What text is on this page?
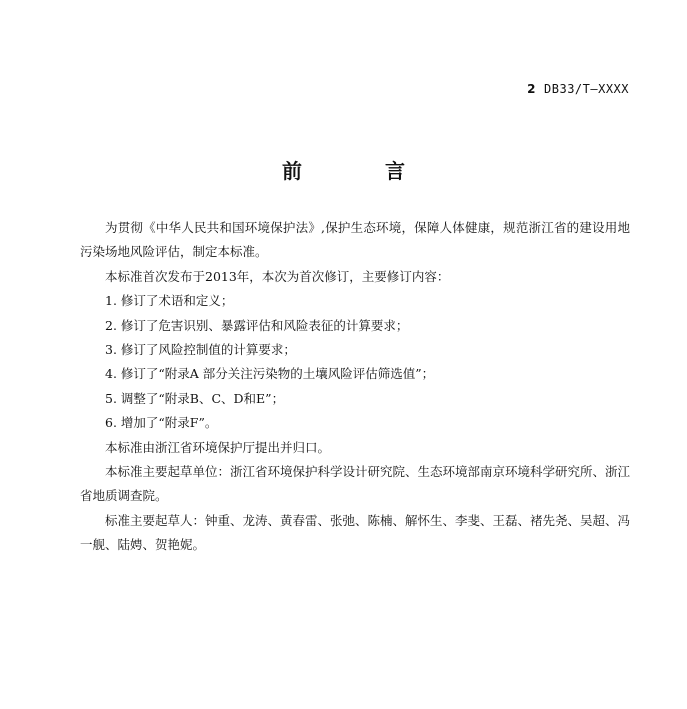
2 DB33/T—XXXX
前 言

为贯彻《中华人民共和国环境保护法》,保护生态环境，保障人体健康，规范浙江省的建设用地污染场地风险评估，制定本标准。

本标准首次发布于2013年，本次为首次修订，主要修订内容：

1. 修订了术语和定义；

2. 修订了危害识别、暴露评估和风险表征的计算要求；

3. 修订了风险控制值的计算要求；

4. 修订了“附录A 部分关注污染物的土壤风险评估筛选值”；

5. 调整了“附录B、C、D和E”；

6. 增加了“附录F”。

本标准由浙江省环境保护厅提出并归口。

本标准主要起草单位：浙江省环境保护科学设计研究院、生态环境部南京环境科学研究所、浙江省地质调查院。

标准主要起草人：钟重、龙涛、黄春雷、张弛、陈楠、解怀生、李斐、王磊、褚先尧、吴超、冯一舰、陆娉、贺艳妮。
